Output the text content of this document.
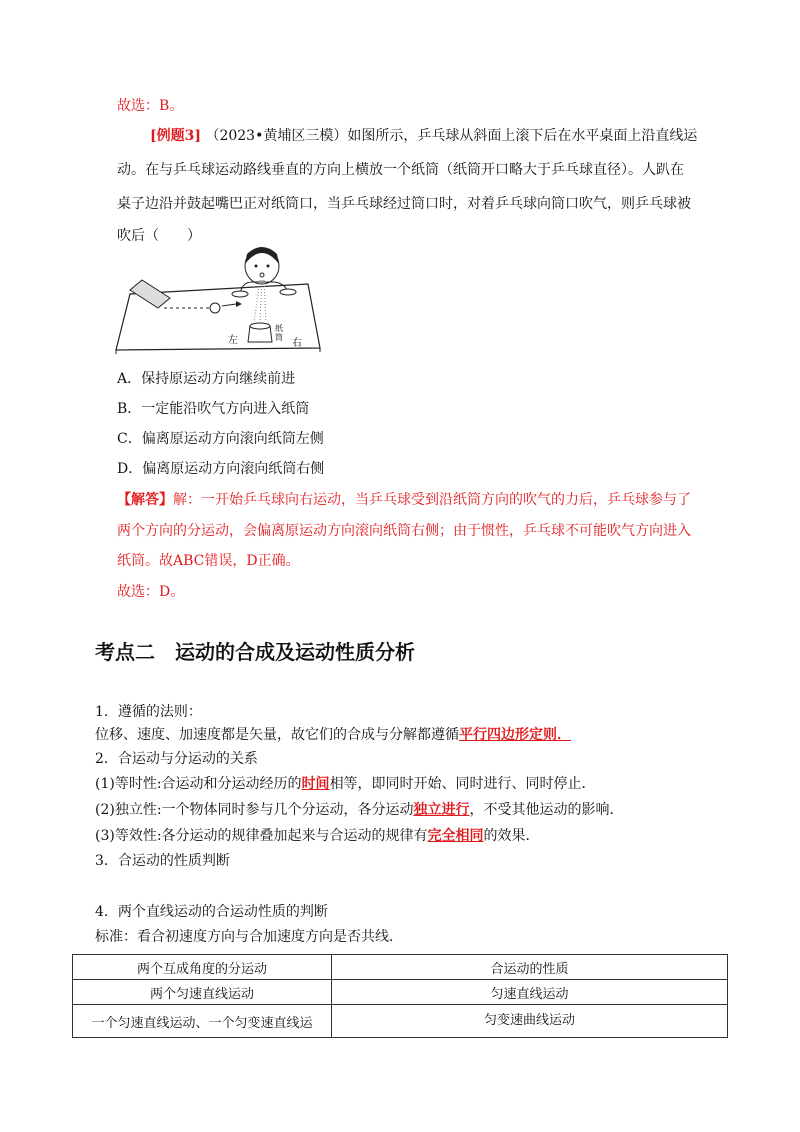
故选：B。
[例题3] （2023•黄埔区三模）如图所示，乒乓球从斜面上滚下后在水平桌面上沿直线运
动。在与乒乓球运动路线垂直的方向上横放一个纸筒（纸筒开口略大于乒乓球直径）。人趴在
桌子边沿并鼓起嘴巴正对纸筒口，当乒乓球经过筒口时，对着乒乓球向筒口吹气，则乒乓球被
吹后（　　）
左
纸筒
右
A．保持原运动方向继续前进
B．一定能沿吹气方向进入纸筒
C．偏离原运动方向滚向纸筒左侧
D．偏离原运动方向滚向纸筒右侧
【解答】解：一开始乒乓球向右运动，当乒乓球受到沿纸筒方向的吹气的力后，乒乓球参与了
两个方向的分运动，会偏离原运动方向滚向纸筒右侧；由于惯性，乒乓球不可能吹气方向进入
纸筒。故ABC错误，D正确。
故选：D。
考点二　运动的合成及运动性质分析
1．遵循的法则：
位移、速度、加速度都是矢量，故它们的合成与分解都遵循平行四边形定则．
2．合运动与分运动的关系
(1)等时性:合运动和分运动经历的时间相等，即同时开始、同时进行、同时停止．
(2)独立性:一个物体同时参与几个分运动，各分运动独立进行，不受其他运动的影响．
(3)等效性:各分运动的规律叠加起来与合运动的规律有完全相同的效果．
3．合运动的性质判断
4．两个直线运动的合运动性质的判断
标准：看合初速度方向与合加速度方向是否共线．
两个互成角度的分运动	合运动的性质
两个匀速直线运动	匀速直线运动
一个匀速直线运动、一个匀变速直线运	匀变速曲线运动
